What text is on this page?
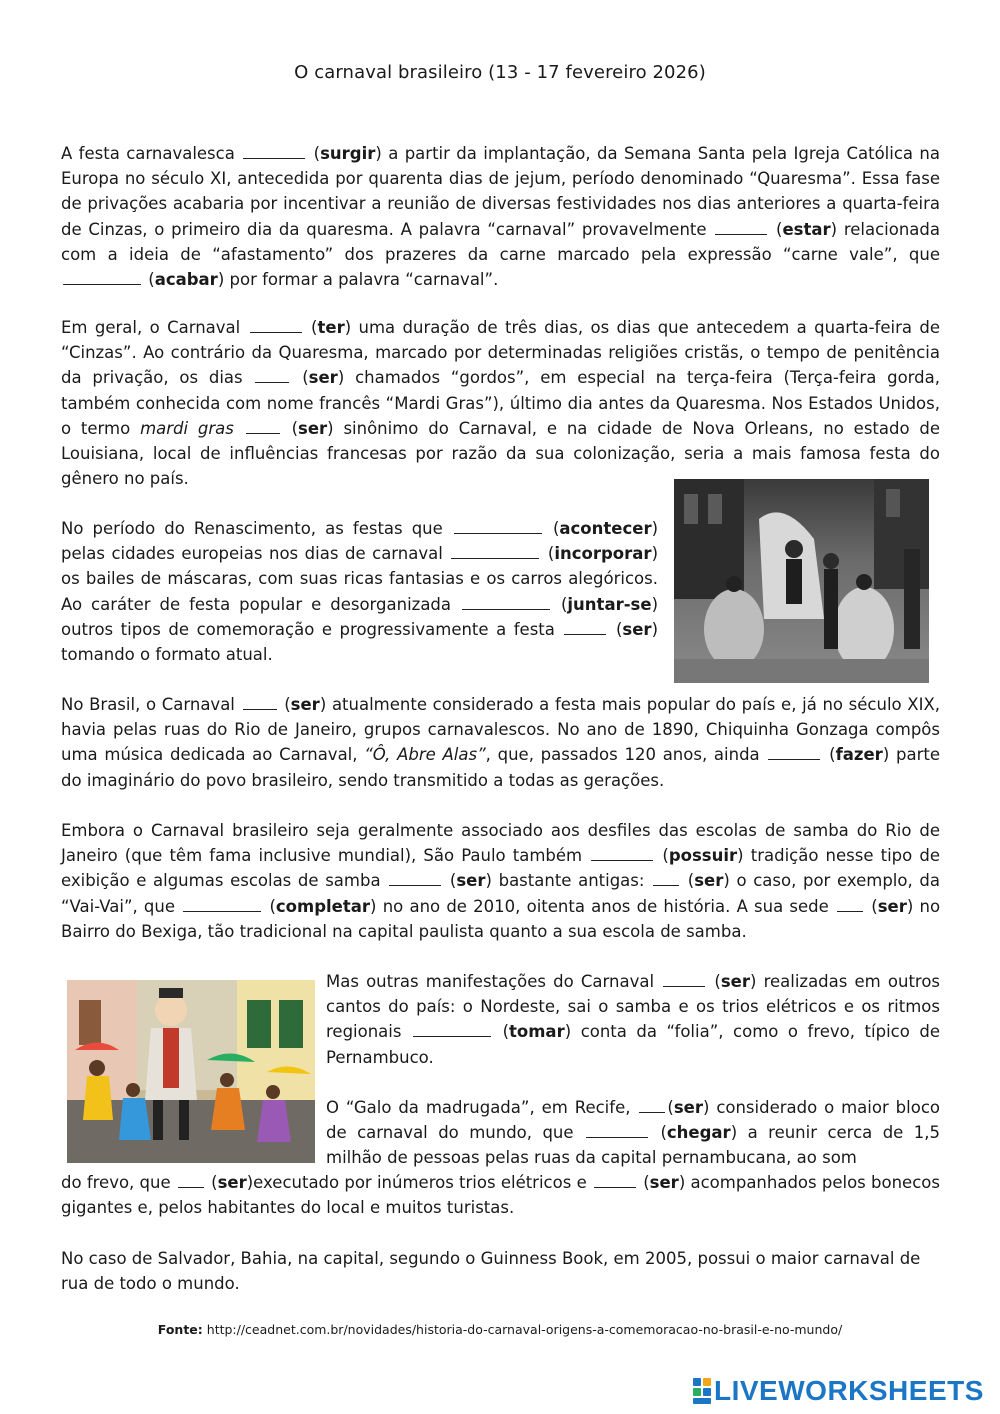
O carnaval brasileiro (13 - 17 fevereiro 2026)

A festa carnavalesca	(surgir) a partir da implantação, da Semana Santa pela Igreja Católica na Europa no século XI, antecedida por quarenta dias de jejum, período denominado “Quaresma”. Essa fase de privações acabaria por incentivar a reunião de diversas festividades nos dias anteriores a quarta-feira de Cinzas, o primeiro dia da quaresma. A palavra “carnaval” provavelmente	(estar) relacionada com a ideia de “afastamento” dos prazeres da carne marcado pela expressão “carne vale”, que  (acabar) por formar a palavra “carnaval”.

Em geral, o Carnaval	(ter) uma duração de três dias, os dias que antecedem a quarta-feira de “Cinzas”. Ao contrário da Quaresma, marcado por determinadas religiões cristãs, o tempo de penitência da privação, os dias	(ser) chamados “gordos”, em especial na terça-feira (Terça-feira gorda, também conhecida com nome francês “Mardi Gras”), último dia antes da Quaresma. Nos Estados Unidos, o termo mardi gras	(ser) sinônimo do Carnaval, e na cidade de Nova Orleans, no estado de Louisiana, local de influências francesas por razão da sua colonização, seria a mais famosa festa do gênero no país.

No período do Renascimento, as festas que	(acontecer) pelas cidades europeias nos dias de carnaval	(incorporar) os bailes de máscaras, com suas ricas fantasias e os carros alegóricos. Ao caráter de festa popular e desorganizada	(juntar-se) outros tipos de comemoração e progressivamente a festa	(ser) tomando o formato atual.

No Brasil, o Carnaval	(ser) atualmente considerado a festa mais popular do país e, já no século XIX, havia pelas ruas do Rio de Janeiro, grupos carnavalescos. No ano de 1890, Chiquinha Gonzaga compôs uma música dedicada ao Carnaval, “Ô, Abre Alas”, que, passados 120 anos, ainda	(fazer) parte do imaginário do povo brasileiro, sendo transmitido a todas as gerações.

Embora o Carnaval brasileiro seja geralmente associado aos desfiles das escolas de samba do Rio de Janeiro (que têm fama inclusive mundial), São Paulo também	(possuir) tradição nesse tipo de exibição e algumas escolas de samba	(ser) bastante antigas:  (ser) o caso, por exemplo, da “Vai-Vai”, que	(completar) no ano de 2010, oitenta anos de história. A sua sede  (ser) no Bairro do Bexiga, tão tradicional na capital paulista quanto a sua escola de samba.

Mas outras manifestações do Carnaval	(ser) realizadas em outros cantos do país: o Nordeste, sai o samba e os trios elétricos e os ritmos regionais	(tomar) conta da “folia”, como o frevo, típico de Pernambuco.

O “Galo da madrugada”, em Recife, (ser) considerado o maior bloco de carnaval do mundo, que	(chegar) a reunir cerca de 1,5 milhão de pessoas pelas ruas da capital pernambucana, ao som

do frevo, que  (ser)executado por inúmeros trios elétricos e	(ser) acompanhados pelos bonecos gigantes e, pelos habitantes do local e muitos turistas.

No caso de Salvador, Bahia, na capital, segundo o Guinness Book, em 2005, possui o maior carnaval de rua de todo o mundo.

Fonte: http://ceadnet.com.br/novidades/historia-do-carnaval-origens-a-comemoracao-no-brasil-e-no-mundo/
LIVEWORKSHEETS
